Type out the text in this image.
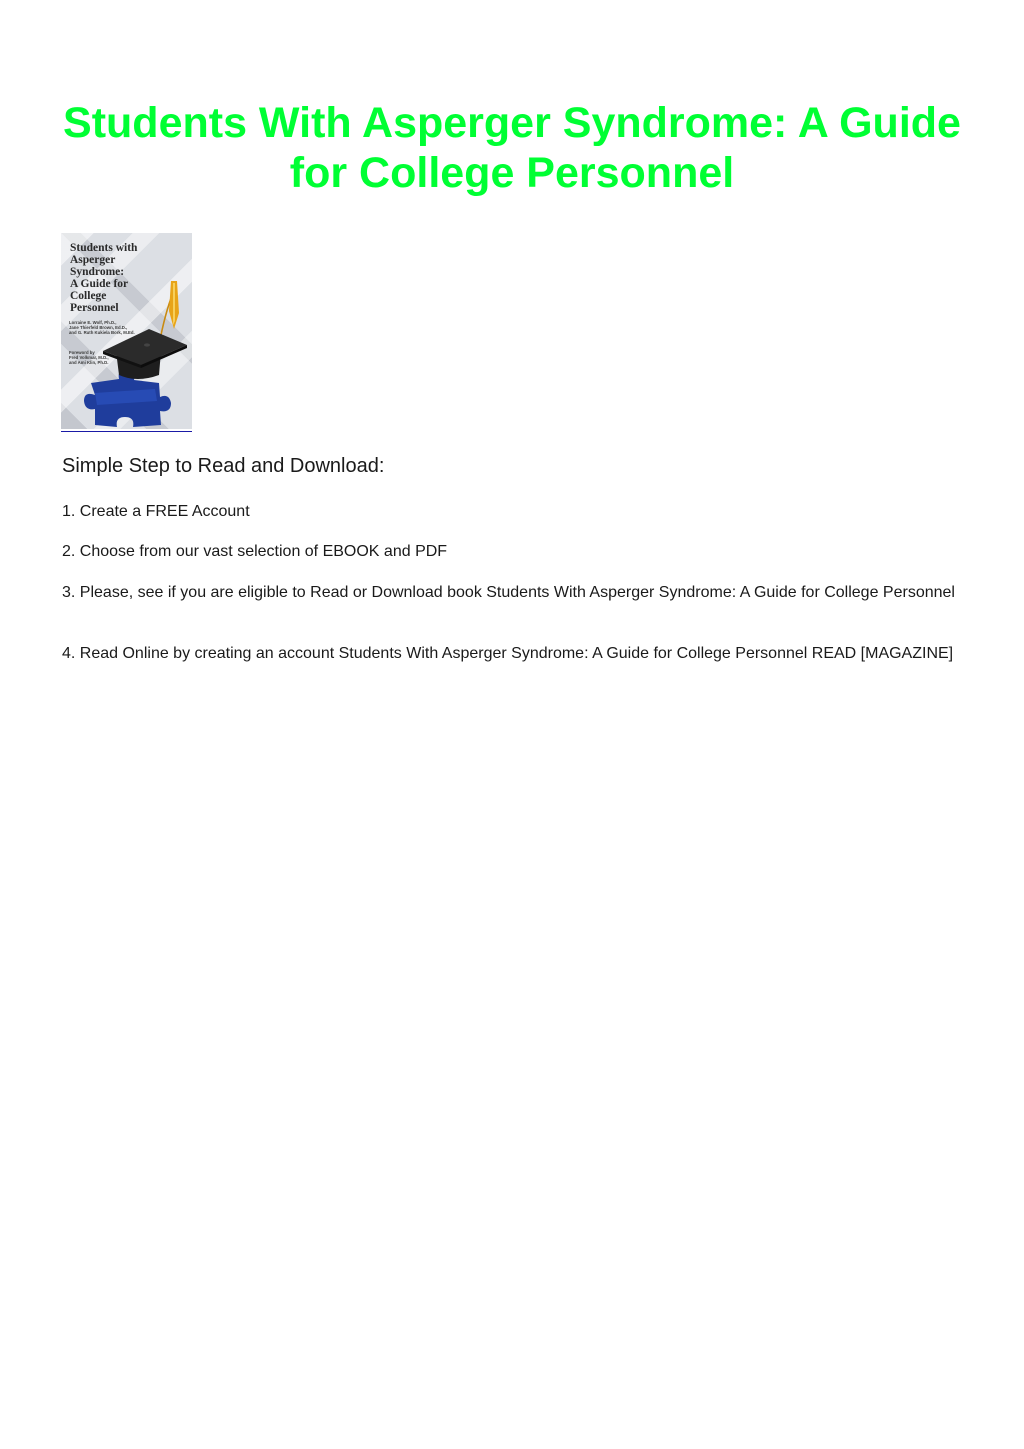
Students With Asperger Syndrome: A Guide for College Personnel
Students with
Asperger
Syndrome:
A Guide for
College
Personnel
Lorraine E. Wolf, Ph.D.,
Jane Thierfeld Brown, Ed.D.,
and G. Ruth Kukiela Bork, M.Ed.
Foreword by
Fred Volkmar, M.D.,
and Ami Klin, Ph.D.
Simple Step to Read and Download:

1. Create a FREE Account

2. Choose from our vast selection of EBOOK and PDF

3. Please, see if you are eligible to Read or Download book Students With Asperger Syndrome: A Guide for College Personnel

4. Read Online by creating an account Students With Asperger Syndrome: A Guide for College Personnel READ [MAGAZINE]
